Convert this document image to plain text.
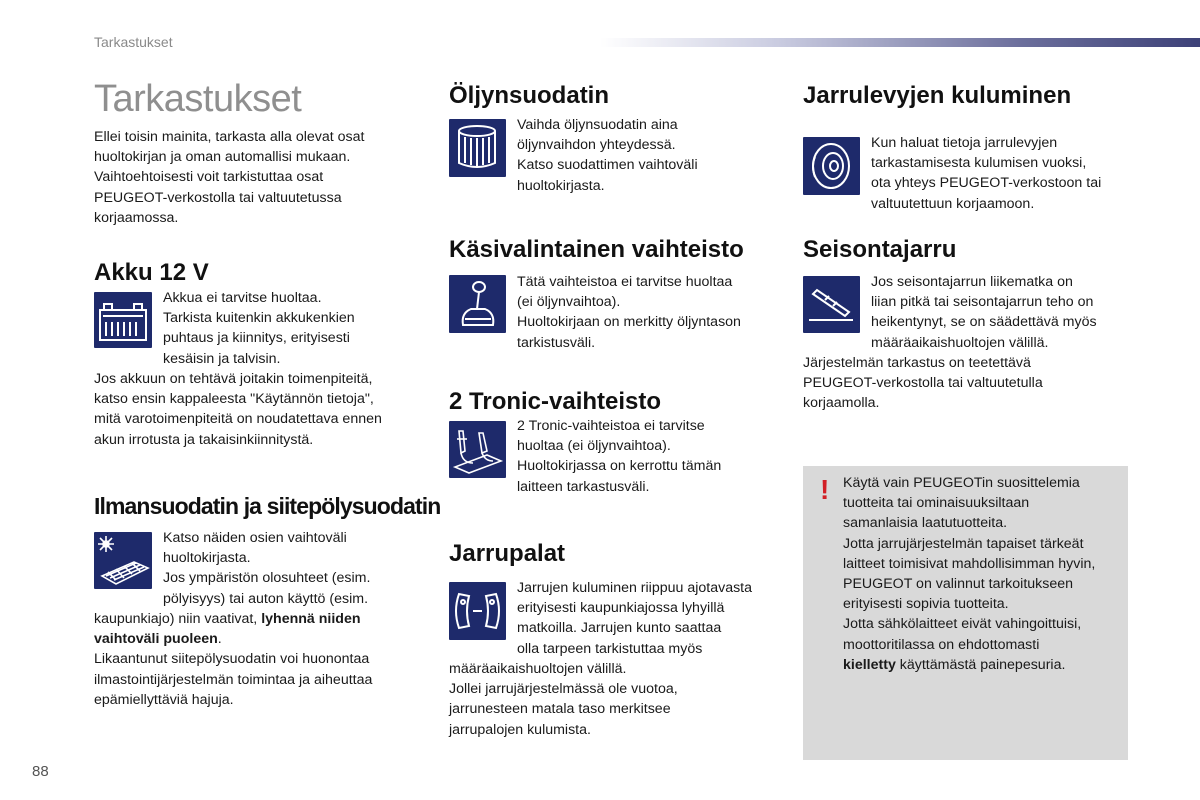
Tarkastukset
Tarkastukset

Ellei toisin mainita, tarkasta alla olevat osat

huoltokirjan ja oman automallisi mukaan.

Vaihtoehtoisesti voit tarkistuttaa osat

PEUGEOT-verkostolla tai valtuutetussa

korjaamossa.

Akku 12 V

Akkua ei tarvitse huoltaa.

Tarkista kuitenkin akkukenkien

puhtaus ja kiinnitys, erityisesti

kesäisin ja talvisin.

Jos akkuun on tehtävä joitakin toimenpiteitä,

katso ensin kappaleesta "Käytännön tietoja",

mitä varotoimenpiteitä on noudatettava ennen

akun irrotusta ja takaisinkiinnitystä.

Ilmansuodatin ja siitepölysuodatin

Katso näiden osien vaihtoväli

huoltokirjasta.

Jos ympäristön olosuhteet (esim.

pölyisyys) tai auton käyttö (esim.

kaupunkiajo) niin vaativat, lyhennä niiden

vaihtoväli puoleen.

Likaantunut siitepölysuodatin voi huonontaa

ilmastointijärjestelmän toimintaa ja aiheuttaa

epämiellyttäviä hajuja.

Öljynsuodatin

Vaihda öljynsuodatin aina

öljynvaihdon yhteydessä.

Katso suodattimen vaihtoväli

huoltokirjasta.

Käsivalintainen vaihteisto

Tätä vaihteistoa ei tarvitse huoltaa

(ei öljynvaihtoa).

Huoltokirjaan on merkitty öljyntason

tarkistusväli.

2 Tronic-vaihteisto

2 Tronic-vaihteistoa ei tarvitse

huoltaa (ei öljynvaihtoa).

Huoltokirjassa on kerrottu tämän

laitteen tarkastusväli.

Jarrupalat

Jarrujen kuluminen riippuu ajotavasta

erityisesti kaupunkiajossa lyhyillä

matkoilla. Jarrujen kunto saattaa

olla tarpeen tarkistuttaa myös

määräaikaishuoltojen välillä.

Jollei jarrujärjestelmässä ole vuotoa,

jarrunesteen matala taso merkitsee

jarrupalojen kulumista.

Jarrulevyjen kuluminen

Kun haluat tietoja jarrulevyjen

tarkastamisesta kulumisen vuoksi,

ota yhteys PEUGEOT-verkostoon tai

valtuutettuun korjaamoon.

Seisontajarru

Jos seisontajarrun liikematka on

liian pitkä tai seisontajarrun teho on

heikentynyt, se on säädettävä myös

määräaikaishuoltojen välillä.

Järjestelmän tarkastus on teetettävä

PEUGEOT-verkostolla tai valtuutetulla

korjaamolla.

! Käytä vain PEUGEOTin suosittelemia

tuotteita tai ominaisuuksiltaan

samanlaisia laatutuotteita.

Jotta jarrujärjestelmän tapaiset tärkeät

laitteet toimisivat mahdollisimman hyvin,

PEUGEOT on valinnut tarkoitukseen

erityisesti sopivia tuotteita.

Jotta sähkölaitteet eivät vahingoittuisi,

moottoritilassa on ehdottomasti

kielletty käyttämästä painepesuria.

88
